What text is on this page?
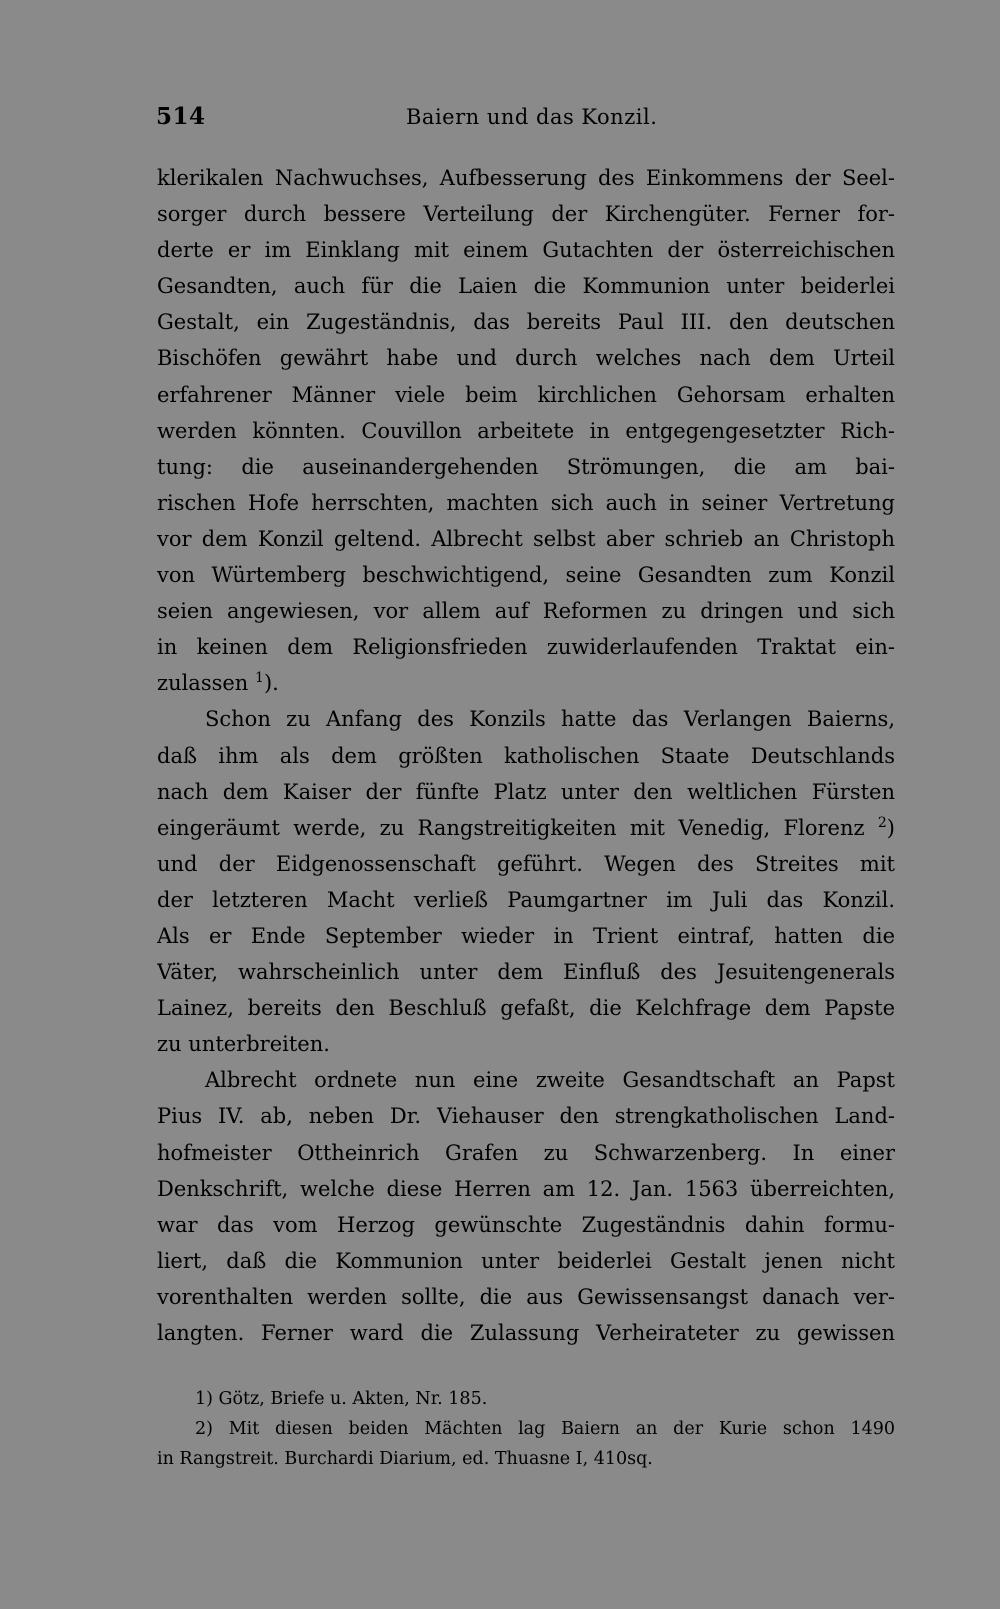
514	Baiern und das Konzil.
klerikalen Nachwuchses, Aufbesserung des Einkommens der Seel-
sorger durch bessere Verteilung der Kirchengüter. Ferner for-
derte er im Einklang mit einem Gutachten der österreichischen
Gesandten, auch für die Laien die Kommunion unter beiderlei
Gestalt, ein Zugeständnis, das bereits Paul III. den deutschen
Bischöfen gewährt habe und durch welches nach dem Urteil
erfahrener Männer viele beim kirchlichen Gehorsam erhalten
werden könnten. Couvillon arbeitete in entgegengesetzter Rich-
tung: die auseinandergehenden Strömungen, die am bai-
rischen Hofe herrschten, machten sich auch in seiner Vertretung
vor dem Konzil geltend. Albrecht selbst aber schrieb an Christoph
von Würtemberg beschwichtigend, seine Gesandten zum Konzil
seien angewiesen, vor allem auf Reformen zu dringen und sich
in keinen dem Religionsfrieden zuwiderlaufenden Traktat ein-
zulassen $^1$).
Schon zu Anfang des Konzils hatte das Verlangen Baierns,
daß ihm als dem größten katholischen Staate Deutschlands
nach dem Kaiser der fünfte Platz unter den weltlichen Fürsten
eingeräumt werde, zu Rangstreitigkeiten mit Venedig, Florenz $^2$)
und der Eidgenossenschaft geführt. Wegen des Streites mit
der letzteren Macht verließ Paumgartner im Juli das Konzil.
Als er Ende September wieder in Trient eintraf, hatten die
Väter, wahrscheinlich unter dem Einfluß des Jesuitengenerals
Lainez, bereits den Beschluß gefaßt, die Kelchfrage dem Papste
zu unterbreiten.
Albrecht ordnete nun eine zweite Gesandtschaft an Papst
Pius IV. ab, neben Dr. Viehauser den strengkatholischen Land-
hofmeister Ottheinrich Grafen zu Schwarzenberg. In einer
Denkschrift, welche diese Herren am 12. Jan. 1563 überreichten,
war das vom Herzog gewünschte Zugeständnis dahin formu-
liert, daß die Kommunion unter beiderlei Gestalt jenen nicht
vorenthalten werden sollte, die aus Gewissensangst danach ver-
langten. Ferner ward die Zulassung Verheirateter zu gewissen
1) Götz, Briefe u. Akten, Nr. 185.
2) Mit diesen beiden Mächten lag Baiern an der Kurie schon 1490
in Rangstreit. Burchardi Diarium, ed. Thuasne I, 410sq.
